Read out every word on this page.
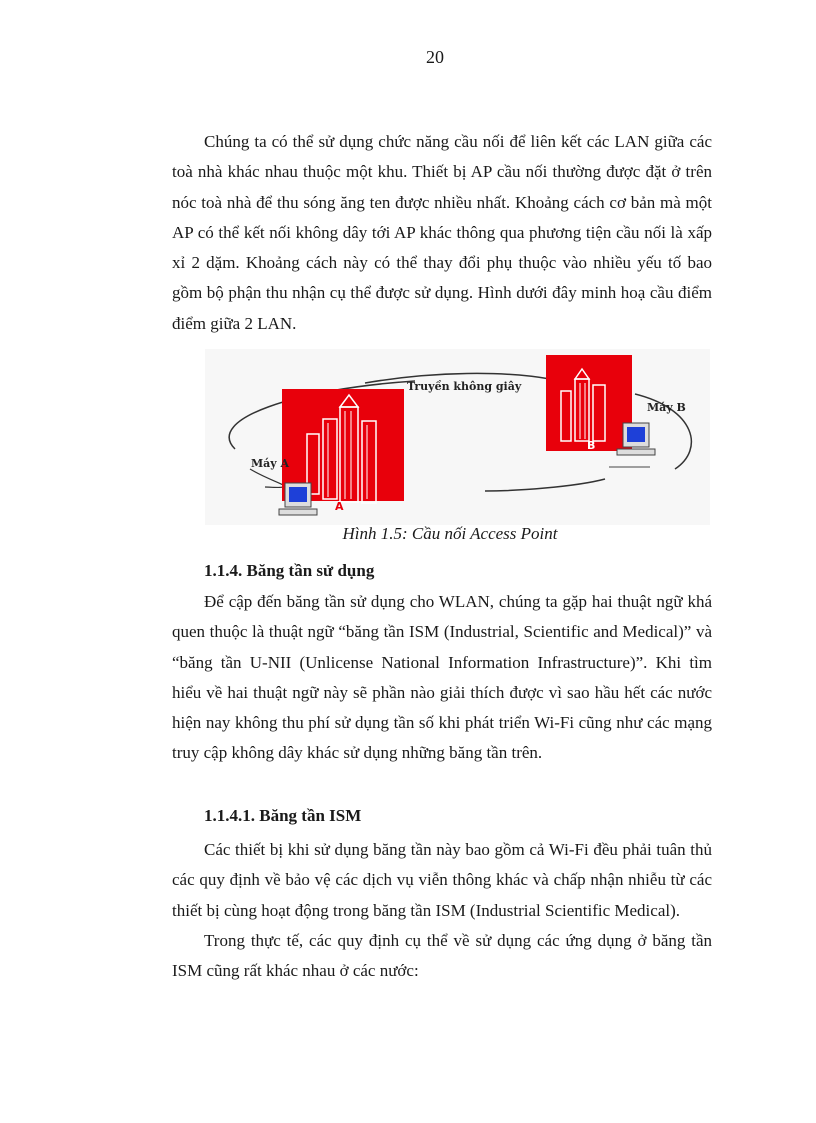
20

Chúng ta có thể sử dụng chức năng cầu nối để liên kết các LAN giữa các toà nhà khác nhau thuộc một khu. Thiết bị AP cầu nối thường được đặt ở trên nóc toà nhà để thu sóng ăng ten được nhiều nhất. Khoảng cách cơ bản mà một AP có thể kết nối không dây tới AP khác thông qua phương tiện cầu nối là xấp xỉ 2 dặm. Khoảng cách này có thể thay đổi phụ thuộc vào nhiều yếu tố bao gồm bộ phận thu nhận cụ thể được sử dụng. Hình dưới đây minh hoạ cầu điểm điểm giữa 2 LAN.

A
B
Truyền không giây
Máy A
Máy B

Hình 1.5: Cầu nối Access Point

1.1.4. Băng tần sử dụng

Để cập đến băng tần sử dụng cho WLAN, chúng ta gặp hai thuật ngữ khá quen thuộc là thuật ngữ “băng tần ISM (Industrial, Scientific and Medical)” và “băng tần U-NII (Unlicense National Information Infrastructure)”. Khi tìm hiểu về hai thuật ngữ này sẽ phần nào giải thích được vì sao hầu hết các nước hiện nay không thu phí sử dụng tần số khi phát triển Wi-Fi cũng như các mạng truy cập không dây khác sử dụng những băng tần trên.

1.1.4.1. Băng tần ISM

Các thiết bị khi sử dụng băng tần này bao gồm cả Wi-Fi đều phải tuân thủ các quy định về bảo vệ các dịch vụ viễn thông khác và chấp nhận nhiễu từ các thiết bị cùng hoạt động trong băng tần ISM (Industrial Scientific Medical).

Trong thực tế, các quy định cụ thể về sử dụng các ứng dụng ở băng tần ISM cũng rất khác nhau ở các nước:
